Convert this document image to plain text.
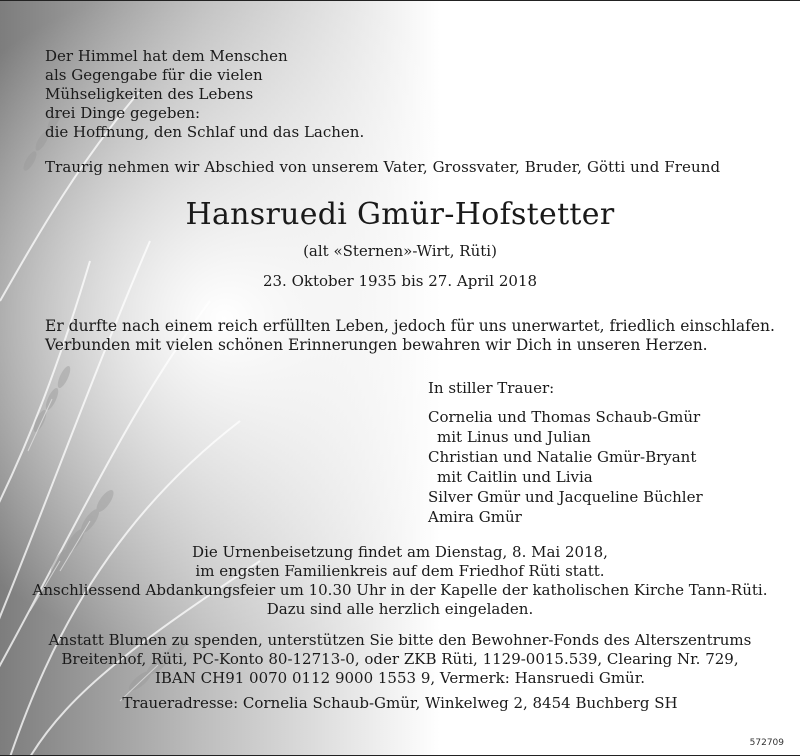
Der Himmel hat dem Menschen
als Gegengabe für die vielen
Mühseligkeiten des Lebens
drei Dinge gegeben:
die Hoffnung, den Schlaf und das Lachen.
Traurig nehmen wir Abschied von unserem Vater, Grossvater, Bruder, Götti und Freund
Hansruedi Gmür-Hofstetter
(alt «Sternen»-Wirt, Rüti)
23. Oktober 1935 bis 27. April 2018
Er durfte nach einem reich erfüllten Leben, jedoch für uns unerwartet, friedlich einschlafen.
Verbunden mit vielen schönen Erinnerungen bewahren wir Dich in unseren Herzen.
In stiller Trauer:
Cornelia und Thomas Schaub-Gmür
mit Linus und Julian
Christian und Natalie Gmür-Bryant
mit Caitlin und Livia
Silver Gmür und Jacqueline Büchler
Amira Gmür
Die Urnenbeisetzung findet am Dienstag, 8. Mai 2018,
im engsten Familienkreis auf dem Friedhof Rüti statt.
Anschliessend Abdankungsfeier um 10.30 Uhr in der Kapelle der katholischen Kirche Tann-Rüti.
Dazu sind alle herzlich eingeladen.
Anstatt Blumen zu spenden, unterstützen Sie bitte den Bewohner-Fonds des Alterszentrums
Breitenhof, Rüti, PC-Konto 80-12713-0, oder ZKB Rüti, 1129-0015.539, Clearing Nr. 729,
IBAN CH91 0070 0112 9000 1553 9, Vermerk: Hansruedi Gmür.
Traueradresse: Cornelia Schaub-Gmür, Winkelweg 2, 8454 Buchberg SH
572709
